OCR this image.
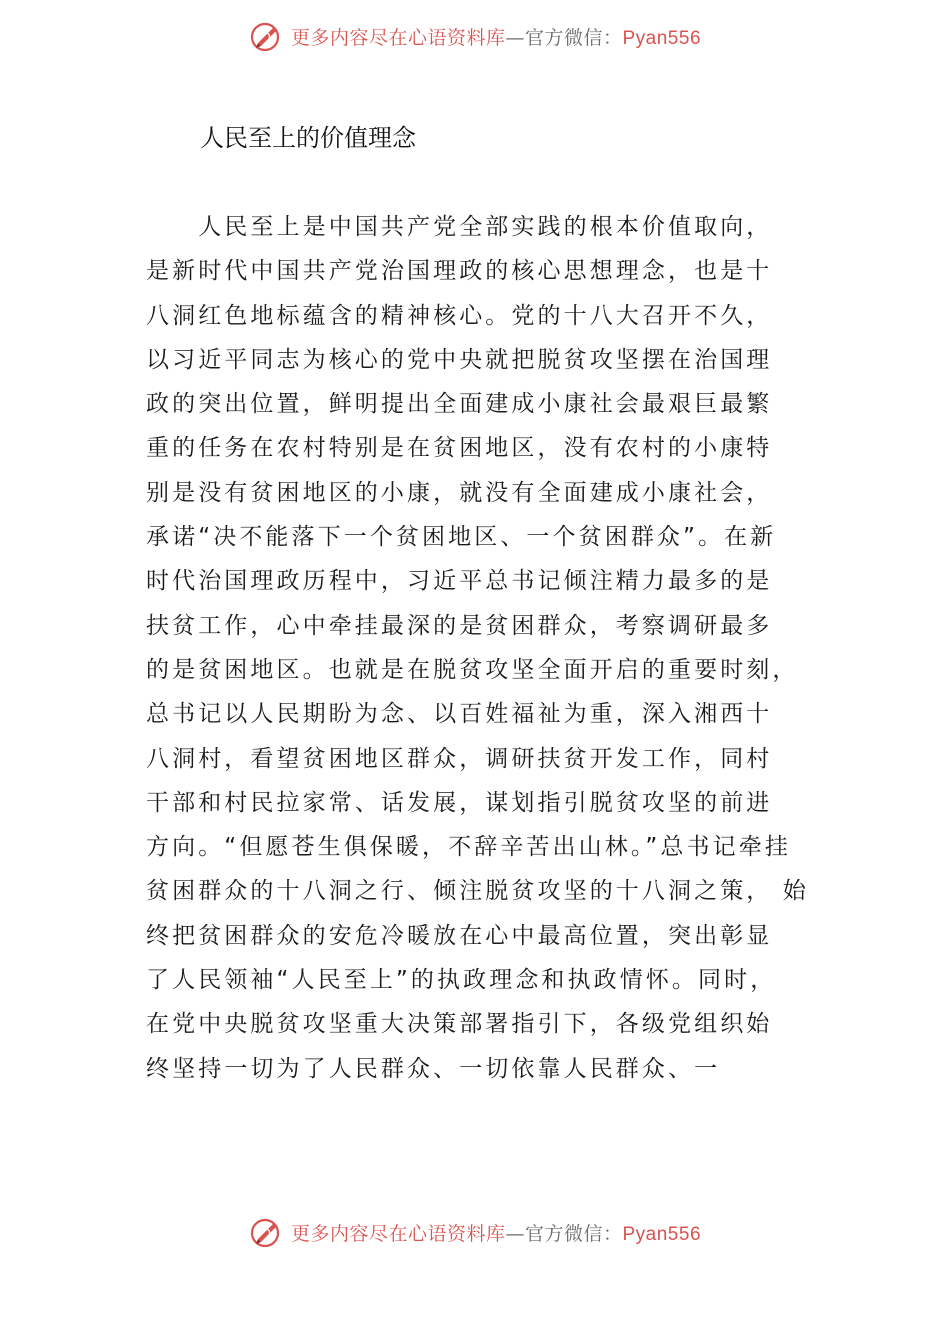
更多内容尽在心语资料库—官方微信：Pyan556
人民至上的价值理念
　　人民至上是中国共产党全部实践的根本价值取向，
是新时代中国共产党治国理政的核心思想理念，也是十
八洞红色地标蕴含的精神核心。党的十八大召开不久，
以习近平同志为核心的党中央就把脱贫攻坚摆在治国理
政的突出位置，鲜明提出全面建成小康社会最艰巨最繁
重的任务在农村特别是在贫困地区，没有农村的小康特
别是没有贫困地区的小康，就没有全面建成小康社会，
承诺“决不能落下一个贫困地区、一个贫困群众”。在新
时代治国理政历程中，习近平总书记倾注精力最多的是
扶贫工作，心中牵挂最深的是贫困群众，考察调研最多
的是贫困地区。也就是在脱贫攻坚全面开启的重要时刻，
总书记以人民期盼为念、以百姓福祉为重，深入湘西十
八洞村，看望贫困地区群众，调研扶贫开发工作，同村
干部和村民拉家常、话发展，谋划指引脱贫攻坚的前进
方向。“但愿苍生俱保暖，不辞辛苦出山林。”总书记牵挂
贫困群众的十八洞之行、倾注脱贫攻坚的十八洞之策， 始
终把贫困群众的安危冷暖放在心中最高位置，突出彰显
了人民领袖“人民至上”的执政理念和执政情怀。同时，
在党中央脱贫攻坚重大决策部署指引下，各级党组织始
终坚持一切为了人民群众、一切依靠人民群众、一
更多内容尽在心语资料库—官方微信：Pyan556
